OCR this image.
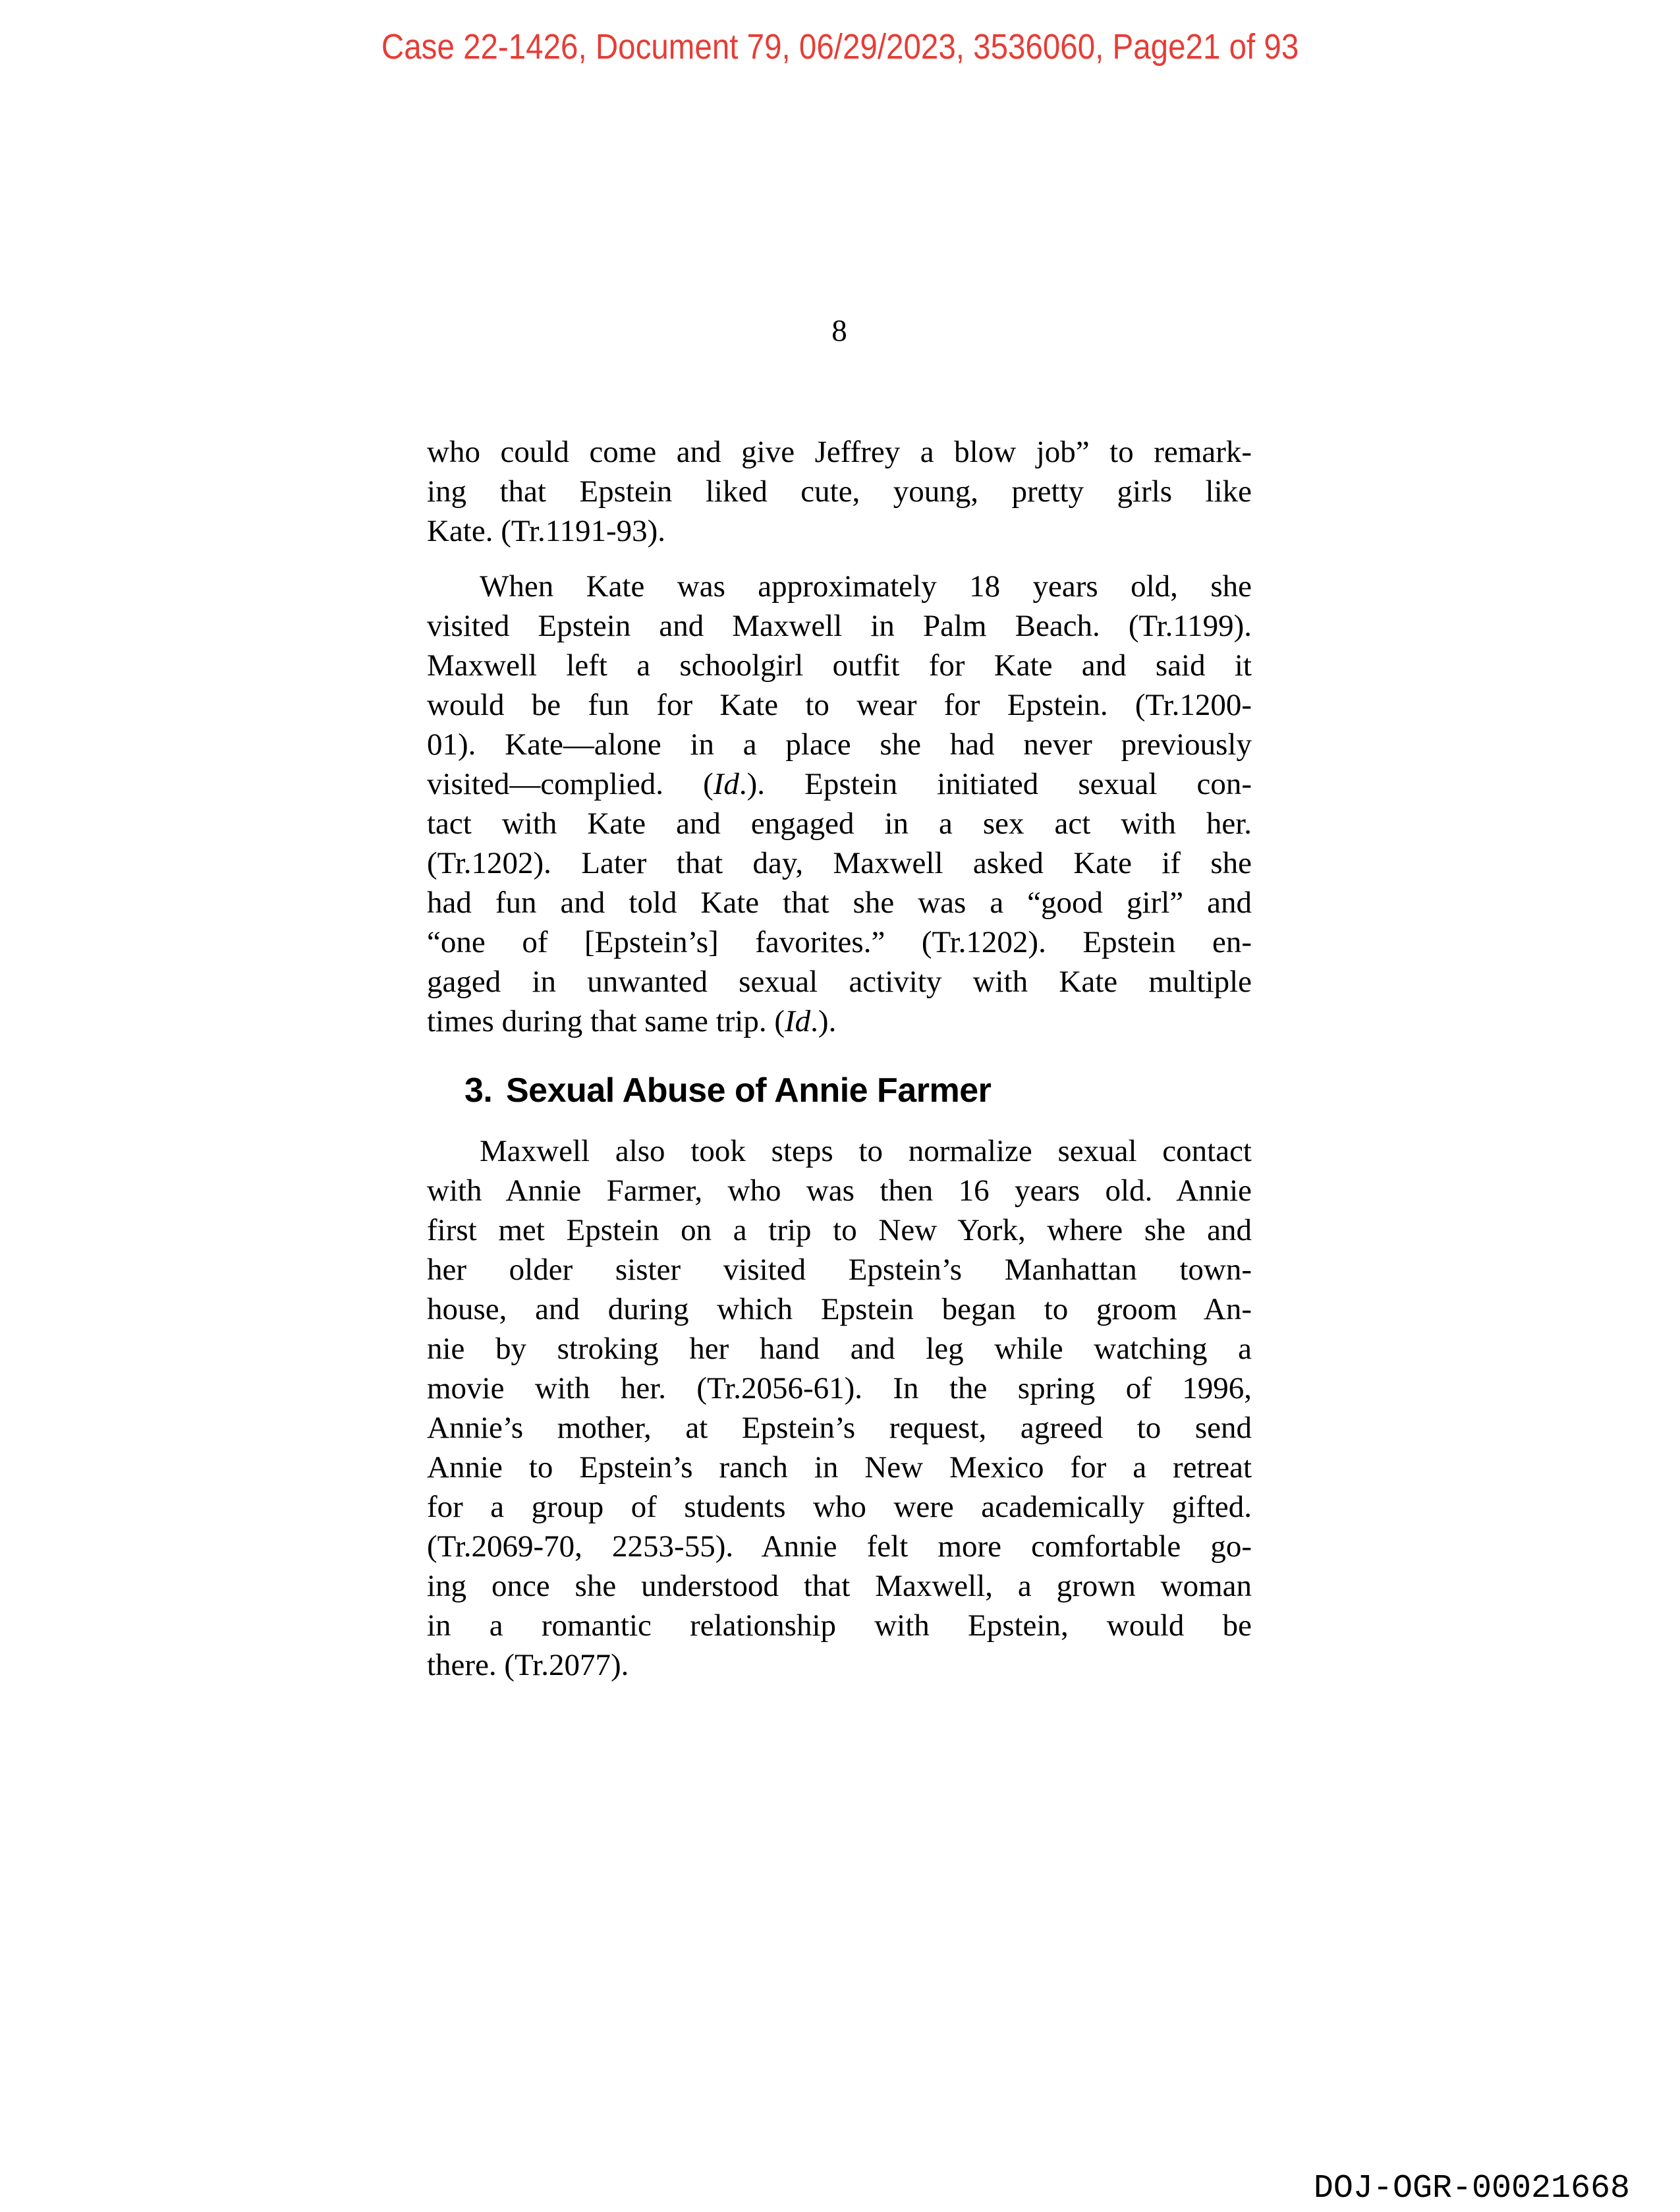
Case 22-1426, Document 79, 06/29/2023, 3536060, Page21 of 93
8
who could come and give Jeffrey a blow job” to remark-
ing that Epstein liked cute, young, pretty girls like
Kate. (Tr.1191-93).
When Kate was approximately 18 years old, she
visited Epstein and Maxwell in Palm Beach. (Tr.1199).
Maxwell left a schoolgirl outfit for Kate and said it
would be fun for Kate to wear for Epstein. (Tr.1200-
01). Kate—alone in a place she had never previously
visited—complied. (Id.). Epstein initiated sexual con-
tact with Kate and engaged in a sex act with her.
(Tr.1202). Later that day, Maxwell asked Kate if she
had fun and told Kate that she was a “good girl” and
“one of [Epstein’s] favorites.” (Tr.1202). Epstein en-
gaged in unwanted sexual activity with Kate multiple
times during that same trip. (Id.).
3. Sexual Abuse of Annie Farmer
Maxwell also took steps to normalize sexual contact
with Annie Farmer, who was then 16 years old. Annie
first met Epstein on a trip to New York, where she and
her older sister visited Epstein’s Manhattan town-
house, and during which Epstein began to groom An-
nie by stroking her hand and leg while watching a
movie with her. (Tr.2056-61). In the spring of 1996,
Annie’s mother, at Epstein’s request, agreed to send
Annie to Epstein’s ranch in New Mexico for a retreat
for a group of students who were academically gifted.
(Tr.2069-70, 2253-55). Annie felt more comfortable go-
ing once she understood that Maxwell, a grown woman
in a romantic relationship with Epstein, would be
there. (Tr.2077).
DOJ-OGR-00021668
